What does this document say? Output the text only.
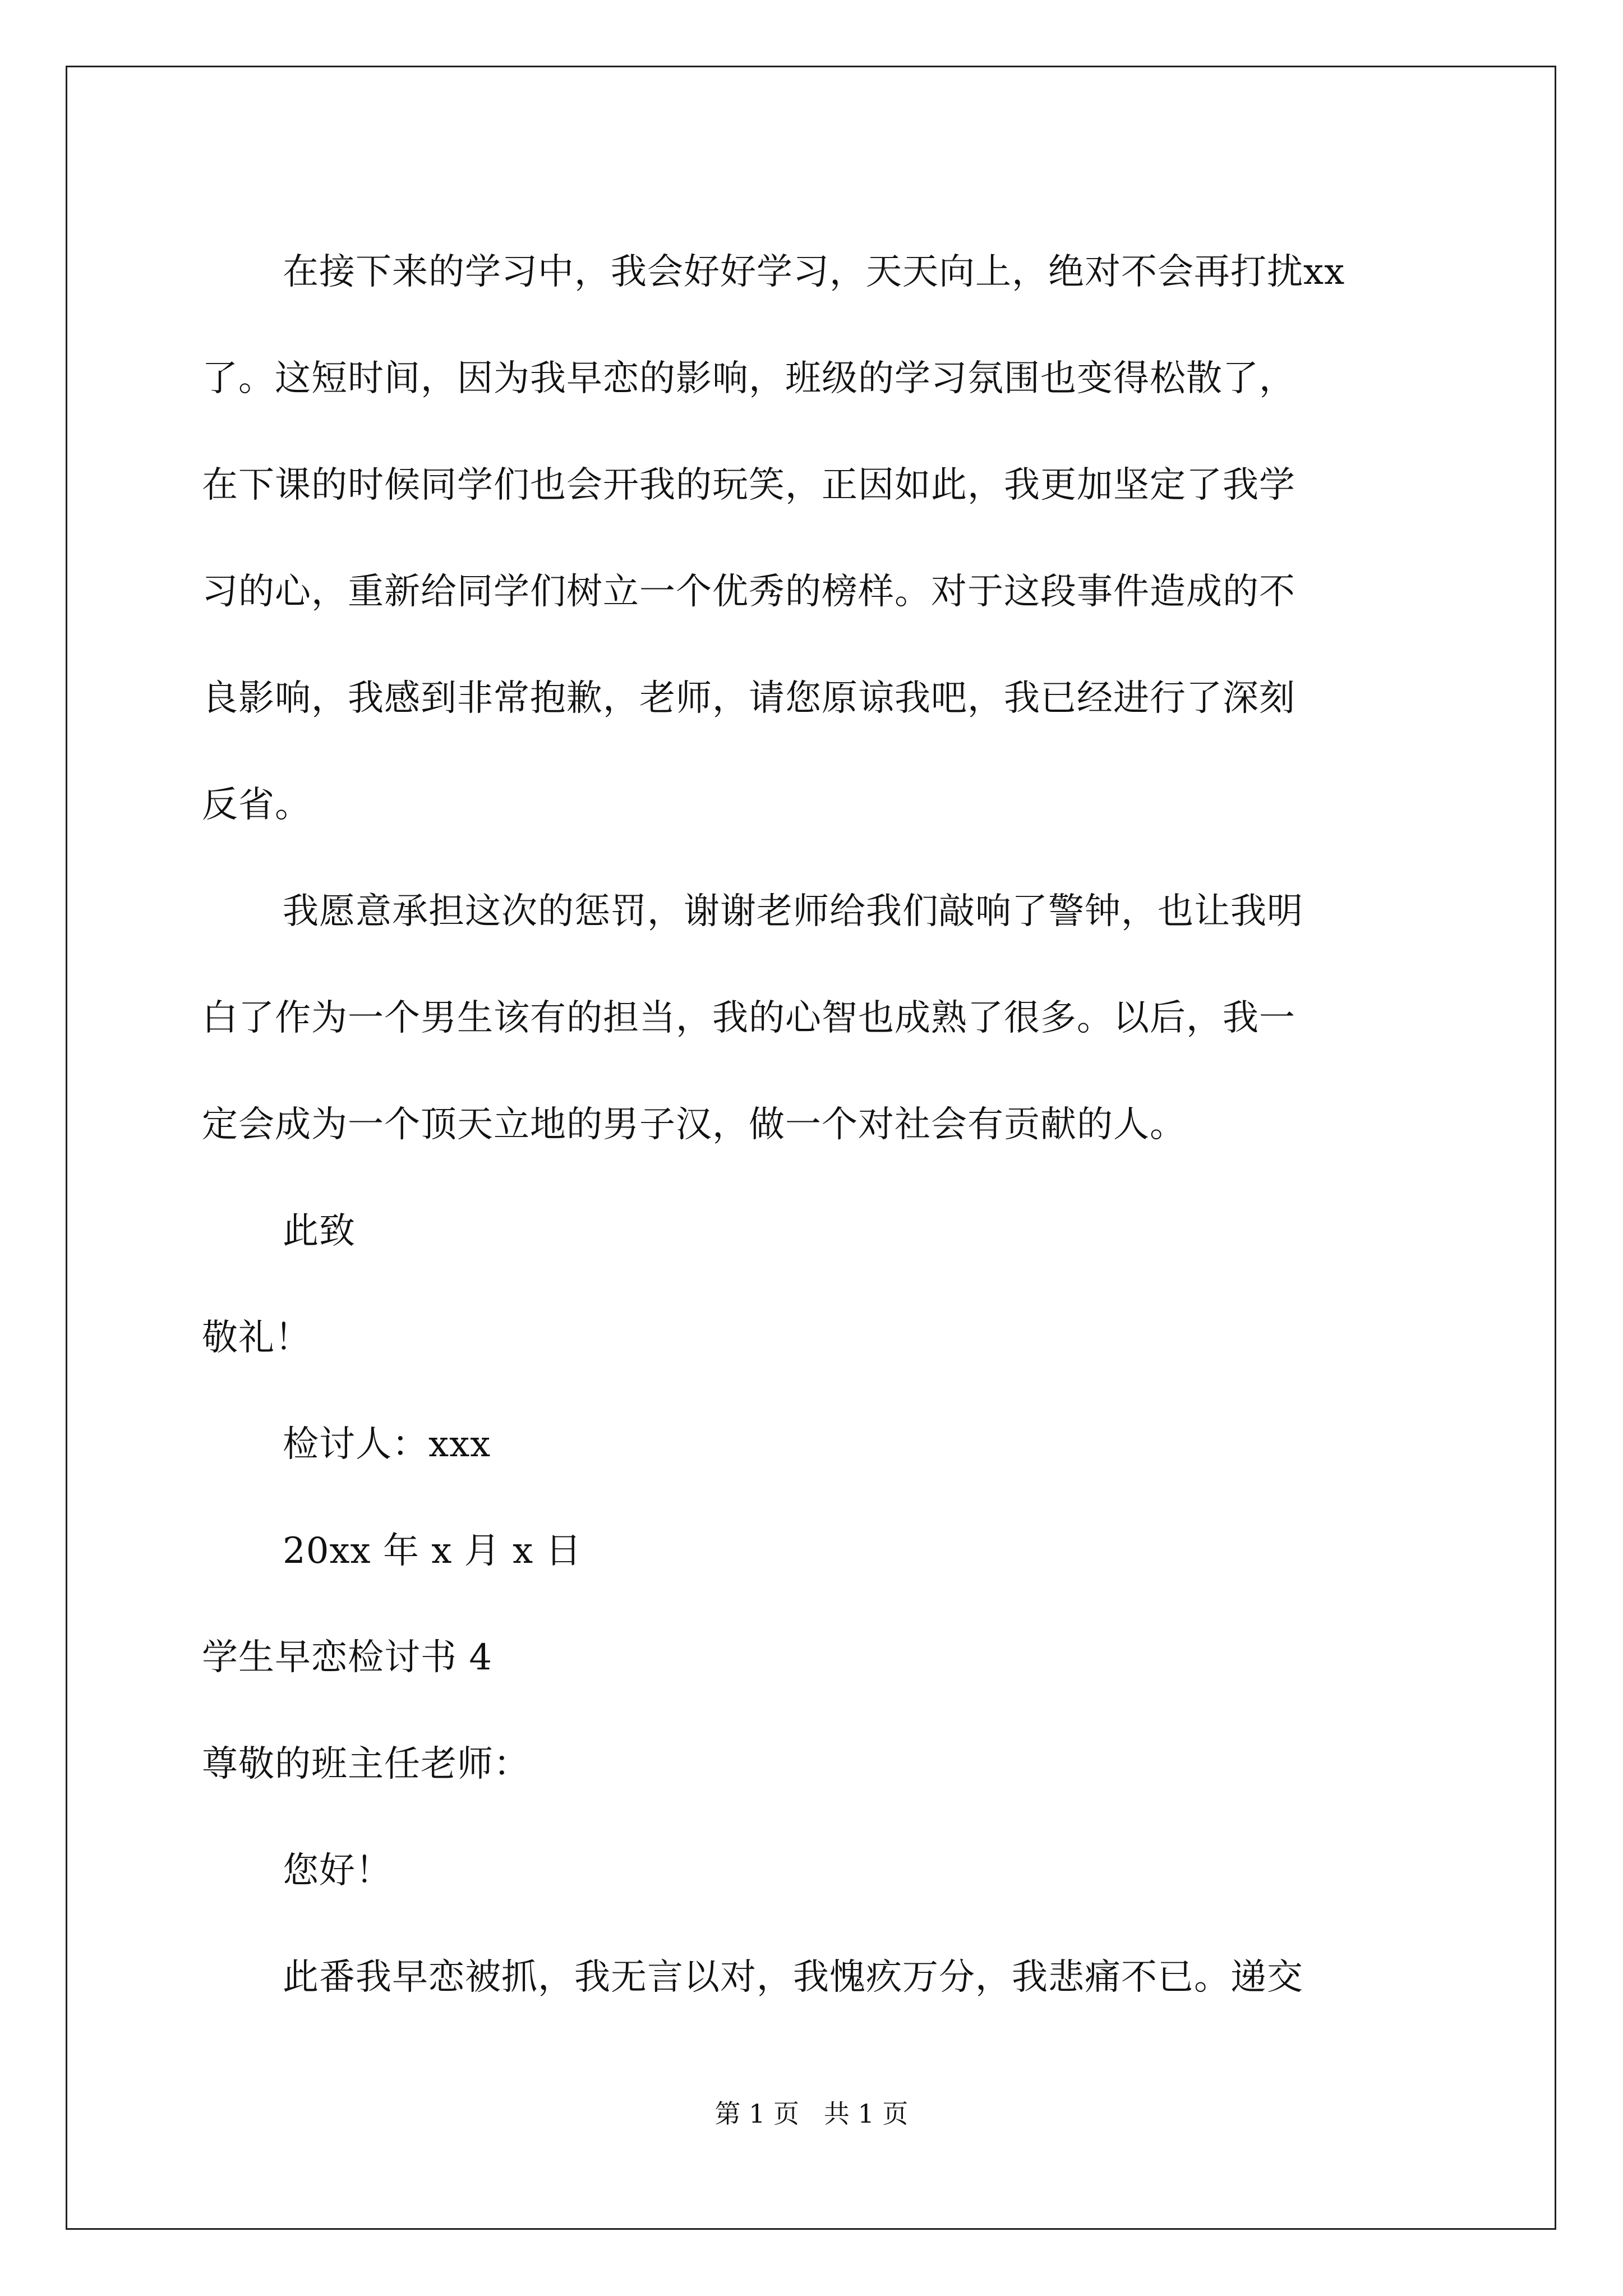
在接下来的学习中，我会好好学习，天天向上，绝对不会再打扰xx
了。这短时间，因为我早恋的影响，班级的学习氛围也变得松散了，
在下课的时候同学们也会开我的玩笑，正因如此，我更加坚定了我学
习的心，重新给同学们树立一个优秀的榜样。对于这段事件造成的不
良影响，我感到非常抱歉，老师，请您原谅我吧，我已经进行了深刻
反省。
我愿意承担这次的惩罚，谢谢老师给我们敲响了警钟，也让我明
白了作为一个男生该有的担当，我的心智也成熟了很多。以后，我一
定会成为一个顶天立地的男子汉，做一个对社会有贡献的人。
此致
敬礼！
检讨人：xxx
20xx 年 x 月 x 日
学生早恋检讨书 4
尊敬的班主任老师：
您好！
此番我早恋被抓，我无言以对，我愧疚万分，我悲痛不已。递交
第 1 页   共 1 页
